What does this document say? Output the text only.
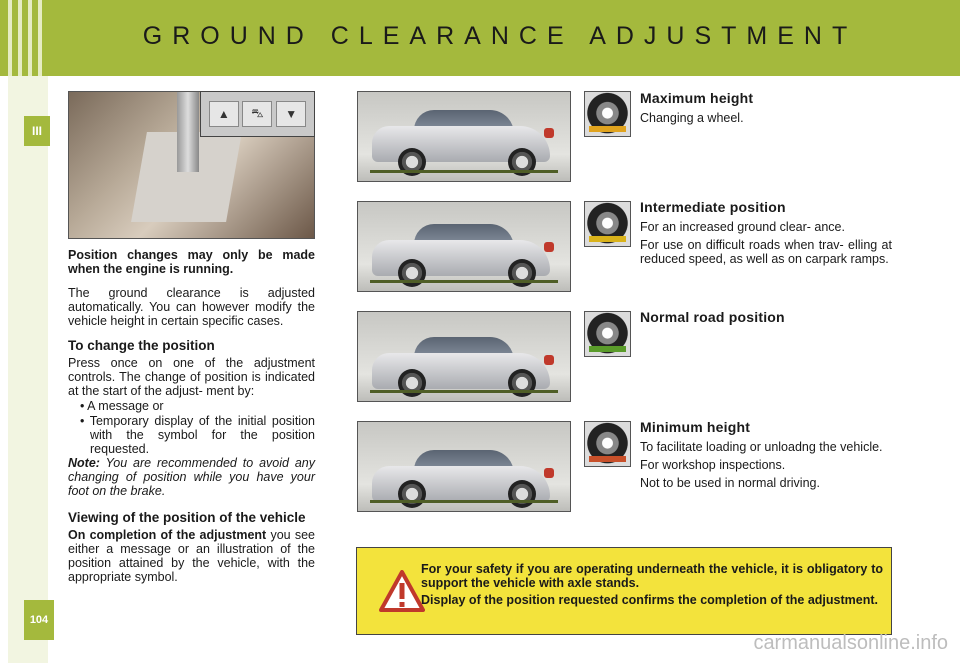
GROUND CLEARANCE ADJUSTMENT
III
104
▲	⛍	▼

Position changes may only be made when the engine is running.

The ground clearance is adjusted automatically. You can however modify the vehicle height in certain specific cases.

To change the position

Press once on one of the adjustment controls. The change of position is indicated at the start of the adjust- ment by:

• A message or

• Temporary display of the initial position with the symbol for the position requested.

Note: You are recommended to avoid any changing of position while you have your foot on the brake.

Viewing of the position of the vehicle

On completion of the adjustment you see either a message or an illustration of the position attained by the vehicle, with the appropriate symbol.

Maximum height

Changing a wheel.

Intermediate position

For an increased ground clear- ance.

For use on difficult roads when trav- elling at reduced speed, as well as on carpark ramps.

Normal road position
Minimum height

To facilitate loading or unloadng the vehicle.

For workshop inspections.

Not to be used in normal driving.

For your safety if you are operating underneath the vehicle, it is obligatory to support the vehicle with axle stands.

Display of the position requested confirms the completion of the adjustment.

carmanualsonline.info
